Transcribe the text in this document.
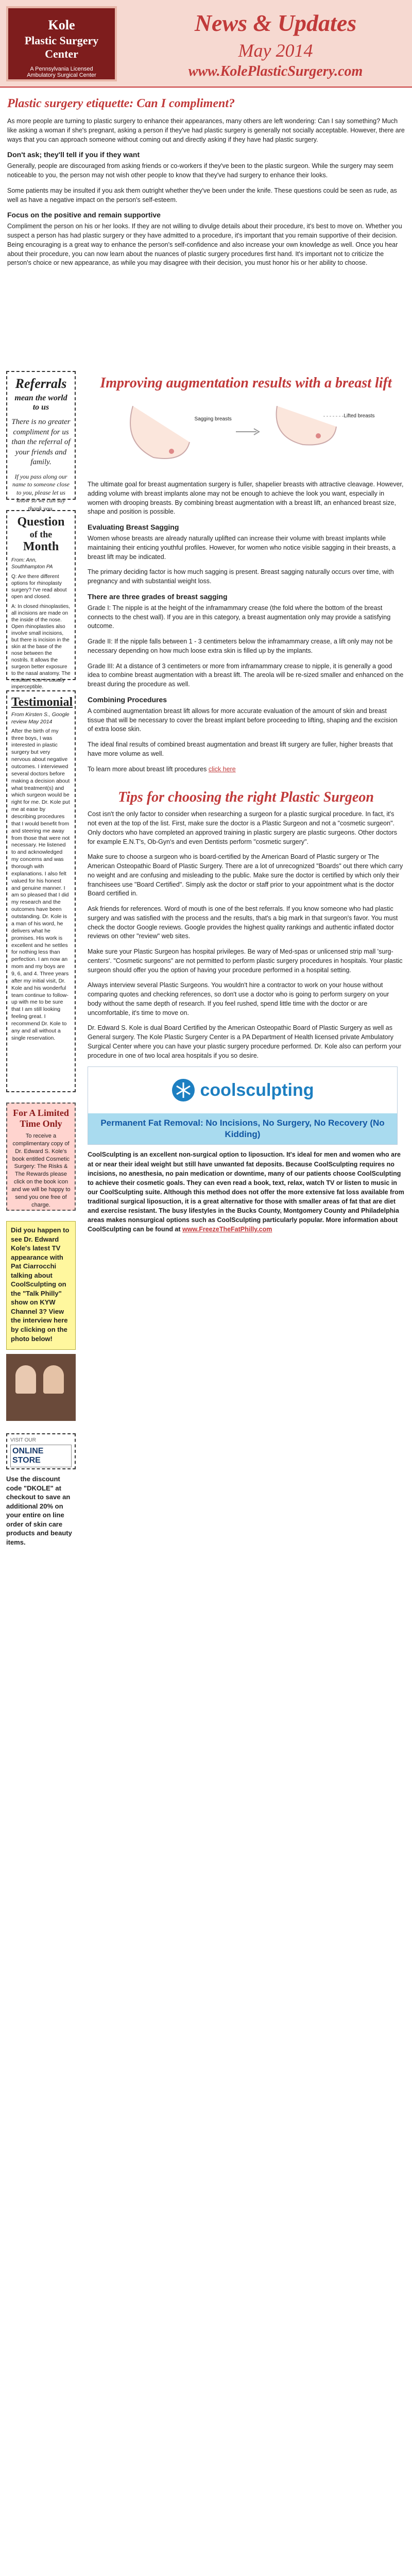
Kole
Plastic Surgery
Center
A Pennsylvania Licensed
Ambulatory Surgical Center
News & Updates
May 2014
www.KolePlasticSurgery.com
Plastic surgery etiquette: Can I compliment?

As more people are turning to plastic surgery to enhance their appearances, many others are left wondering: Can I say something? Much like asking a woman if she's pregnant, asking a person if they've had plastic surgery is generally not socially acceptable. However, there are ways that you can approach someone without coming out and directly asking if they have had plastic surgery.

Don't ask; they'll tell if you if they want

Generally, people are discouraged from asking friends or co-workers if they've been to the plastic surgeon. While the surgery may seem noticeable to you, the person may not wish other people to know that they've had surgery to enhance their looks.

Some patients may be insulted if you ask them outright whether they've been under the knife. These questions could be seen as rude, as well as have a negative impact on the person's self-esteem.

Focus on the positive and remain supportive

Compliment the person on his or her looks. If they are not willing to divulge details about their procedure, it's best to move on. Whether you suspect a person has had plastic surgery or they have admitted to a procedure, it's important that you remain supportive of their decision. Being encouraging is a great way to enhance the person's self-confidence and also increase your own knowledge as well. Once you hear about their procedure, you can now learn about the nuances of plastic surgery procedures first hand. It's important not to criticize the person's choice or new appearance, as while you may disagree with their decision, you must honor his or her ability to choose.

Referrals
mean the world to us
There is no greater compliment for us than the referral of your friends and family.
If you pass along our name to someone close to you, please let us know so we can say thank you.
Question
of the
Month
From: Ann, Southhampton PA
Q: Are there different options for rhinoplasty surgery? I've read about open and closed.
A: In closed rhinoplasties, all incisions are made on the inside of the nose. Open rhinoplasties also involve small incisions, but there is incision in the skin at the base of the nose between the nostrils. It allows the surgeon better exposure to the nasal anatomy. The resultant scar is usually imperceptible.
Testimonial
From Kirsten S., Google review May 2014
After the birth of my three boys, I was interested in plastic surgery but very nervous about negative outcomes. I interviewed several doctors before making a decision about what treatment(s) and which surgeon would be right for me. Dr. Kole put me at ease by describing procedures that I would benefit from and steering me away from those that were not necessary. He listened to and acknowledged my concerns and was thorough with explanations. I also felt valued for his honest and genuine manner. I am so pleased that I did my research and the outcomes have been outstanding. Dr. Kole is a man of his word, he delivers what he promises. His work is excellent and he settles for nothing less than perfection. I am now an mom and my boys are 9, 6, and 4. Three years after my initial visit, Dr. Kole and his wonderful team continue to follow-up with me to be sure that I am still looking feeling great. I recommend Dr. Kole to any and all without a single reservation.
For A Limited Time Only
To receive a complimentary copy of Dr. Edward S. Kole's book entitled Cosmetic Surgery: The Risks & The Rewards please click on the book icon and we will be happy to send you one free of charge.
Did you happen to see Dr. Edward Kole's latest TV appearance with Pat Ciarrocchi talking about CoolSculpting on the "Talk Philly" show on KYW Channel 3? View the interview here by clicking on the photo below!
VISIT OUR
ONLINE STORE
Use the discount code "DKOLE" at checkout to save an additional 20% on your entire on line order of skin care products and beauty items.
Improving augmentation results with a breast lift
Sagging breasts
Lifted breasts

The ultimate goal for breast augmentation surgery is fuller, shapelier breasts with attractive cleavage. However, adding volume with breast implants alone may not be enough to achieve the look you want, especially in women with drooping breasts. By combining breast augmentation with a breast lift, an enhanced breast size, shape and position is possible.

Evaluating Breast Sagging

Women whose breasts are already naturally uplifted can increase their volume with breast implants while maintaining their enticing youthful profiles. However, for women who notice visible sagging in their breasts, a breast lift may be indicated.

The primary deciding factor is how much sagging is present. Breast sagging naturally occurs over time, with pregnancy and with substantial weight loss.

There are three grades of breast sagging

Grade I: The nipple is at the height of the inframammary crease (the fold where the bottom of the breast connects to the chest wall). If you are in this category, a breast augmentation only may provide a satisfying outcome.

Grade II: If the nipple falls between 1 - 3 centimeters below the inframammary crease, a lift only may not be necessary depending on how much loose extra skin is filled up by the implants.

Grade III: At a distance of 3 centimeters or more from inframammary crease to nipple, it is generally a good idea to combine breast augmentation with a breast lift. The areola will be re-sized smaller and enhanced on the breast during the procedure as well.

Combining Procedures

A combined augmentation breast lift allows for more accurate evaluation of the amount of skin and breast tissue that will be necessary to cover the breast implant before proceeding to lifting, shaping and the excision of extra loose skin.

The ideal final results of combined breast augmentation and breast lift surgery are fuller, higher breasts that have more volume as well.

To learn more about breast lift procedures click here

Tips for choosing the right Plastic Surgeon

Cost isn't the only factor to consider when researching a surgeon for a plastic surgical procedure. In fact, it's not even at the top of the list. First, make sure the doctor is a Plastic Surgeon and not a "cosmetic surgeon". Only doctors who have completed an approved training in plastic surgery are plastic surgeons. Other doctors for example E.N.T's, Ob-Gyn's and even Dentists perform "cosmetic surgery".

Make sure to choose a surgeon who is board-certified by the American Board of Plastic surgery or The American Osteopathic Board of Plastic Surgery. There are a lot of unrecognized "Boards" out there which carry no weight and are confusing and misleading to the public. Make sure the doctor is certified by which only their franchisees use "Board Certified". Simply ask the doctor or staff prior to your appointment what is the doctor Board certified in.

Ask friends for references. Word of mouth is one of the best referrals. If you know someone who had plastic surgery and was satisfied with the process and the results, that's a big mark in that surgeon's favor. You must check the doctor Google reviews. Google provides the highest quality rankings and authentic inflated doctor reviews on other "review" web sites.

Make sure your Plastic Surgeon has hospital privileges. Be wary of Med-spas or unlicensed strip mall 'surg-centers'. "Cosmetic surgeons" are not permitted to perform plastic surgery procedures in hospitals. Your plastic surgeon should offer you the option of having your procedure performed in a hospital setting.

Always interview several Plastic Surgeons. You wouldn't hire a contractor to work on your house without comparing quotes and checking references, so don't use a doctor who is going to perform surgery on your body without the same depth of research. If you feel rushed, spend little time with the doctor or are uncomfortable, it's time to move on.

Dr. Edward S. Kole is dual Board Certified by the American Osteopathic Board of Plastic Surgery as well as General surgery. The Kole Plastic Surgery Center is a PA Department of Health licensed private Ambulatory Surgical Center where you can have your plastic surgery procedure performed. Dr. Kole also can perform your procedure in one of two local area hospitals if you so desire.

coolsculpting
Permanent Fat Removal: No Incisions, No Surgery, No Recovery (No Kidding)

CoolSculpting is an excellent non-surgical option to liposuction. It's ideal for men and women who are at or near their ideal weight but still have unwanted fat deposits. Because CoolSculpting requires no incisions, no anesthesia, no pain medication or downtime, many of our patients choose CoolSculpting to achieve their cosmetic goals. They can even read a book, text, relax, watch TV or listen to music in our CoolSculpting suite. Although this method does not offer the more extensive fat loss available from traditional surgical liposuction, it is a great alternative for those with smaller areas of fat that are diet and exercise resistant. The busy lifestyles in the Bucks County, Montgomery County and Philadelphia areas makes nonsurgical options such as CoolSculpting particularly popular. More information about CoolSculpting can be found at www.FreezeTheFatPhilly.com
